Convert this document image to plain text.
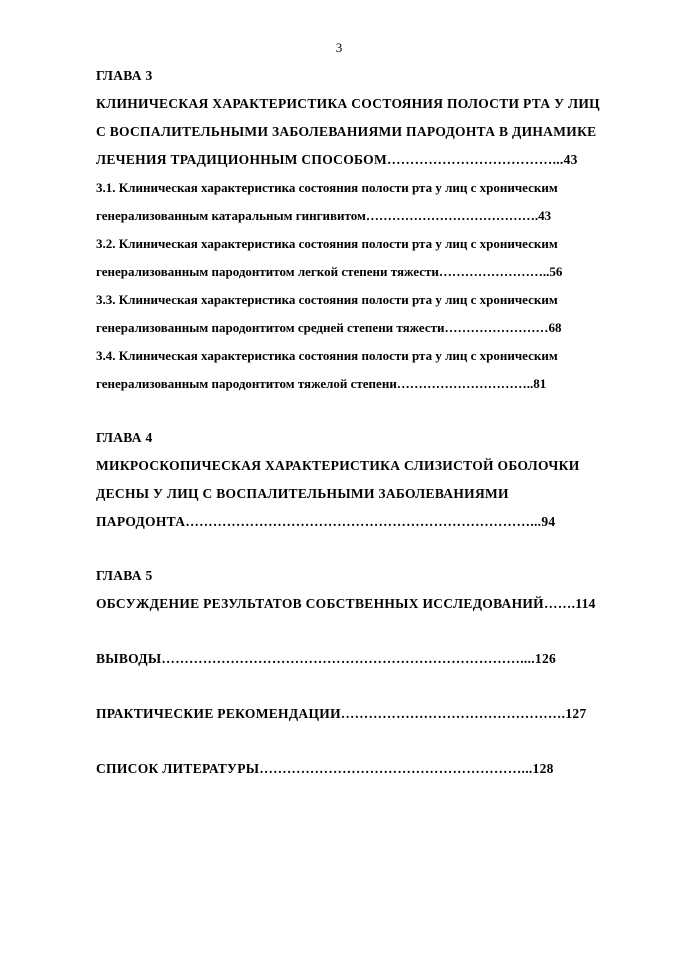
3
ГЛАВА 3
КЛИНИЧЕСКАЯ ХАРАКТЕРИСТИКА СОСТОЯНИЯ ПОЛОСТИ РТА У ЛИЦ
С ВОСПАЛИТЕЛЬНЫМИ ЗАБОЛЕВАНИЯМИ ПАРОДОНТА В ДИНАМИКЕ
ЛЕЧЕНИЯ ТРАДИЦИОННЫМ СПОСОБОМ………………………………...43
3.1. Клиническая характеристика состояния полости рта у лиц с хроническим
генерализованным катаральным гингивитом………………………………….43
3.2. Клиническая характеристика состояния полости рта у лиц с хроническим
генерализованным пародонтитом легкой степени тяжести……………………..56
3.3. Клиническая характеристика состояния полости рта у лиц с хроническим
генерализованным пародонтитом средней степени тяжести……………………68
3.4. Клиническая характеристика состояния полости рта у лиц с хроническим
генерализованным пародонтитом тяжелой степени…………………………..81
ГЛАВА 4
МИКРОСКОПИЧЕСКАЯ ХАРАКТЕРИСТИКА СЛИЗИСТОЙ ОБОЛОЧКИ
ДЕСНЫ У ЛИЦ С ВОСПАЛИТЕЛЬНЫМИ ЗАБОЛЕВАНИЯМИ
ПАРОДОНТА…………………………………………………………………...94
ГЛАВА 5
ОБСУЖДЕНИЕ РЕЗУЛЬТАТОВ СОБСТВЕННЫХ ИССЛЕДОВАНИЙ…….114
ВЫВОДЫ……………………………………………………………………....126
ПРАКТИЧЕСКИЕ РЕКОМЕНДАЦИИ………………………………………….127
СПИСОК ЛИТЕРАТУРЫ…………………………………………………...128
